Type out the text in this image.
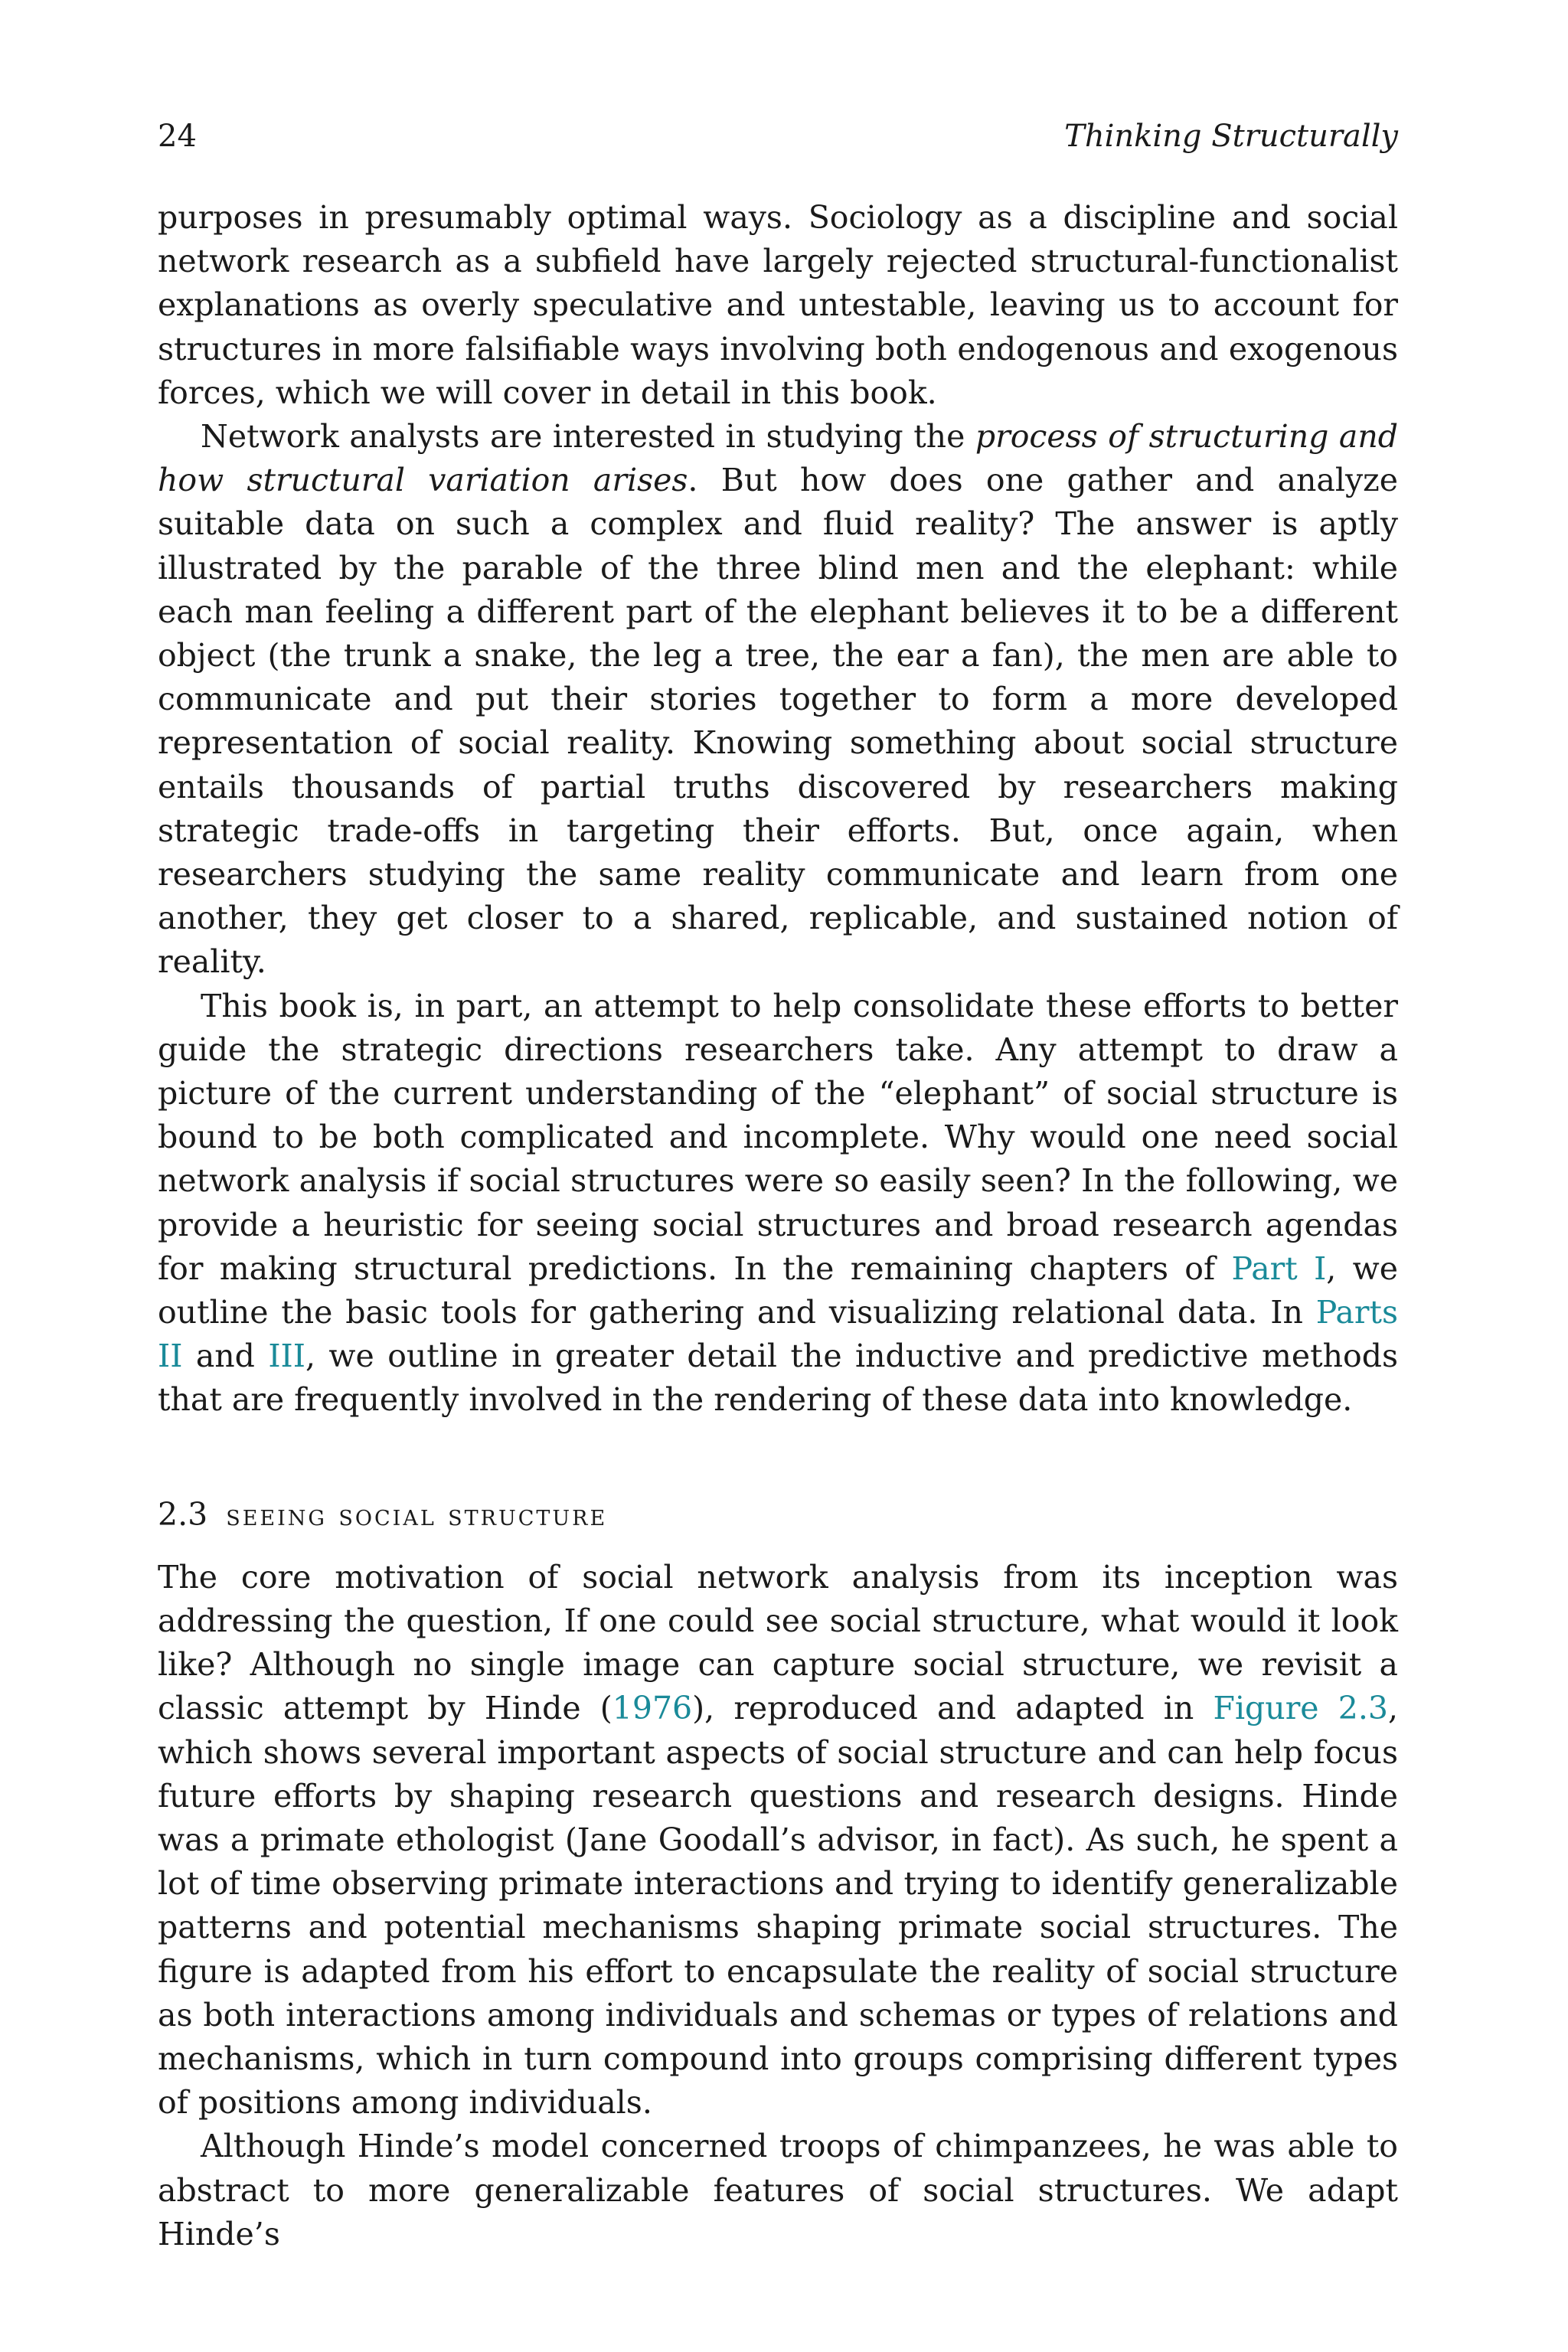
24	Thinking Structurally

purposes in presumably optimal ways. Sociology as a discipline and social network research as a subfield have largely rejected structural-functionalist explanations as overly speculative and untestable, leaving us to account for structures in more falsifiable ways involving both endogenous and exogenous forces, which we will cover in detail in this book.

Network analysts are interested in studying the process of structuring and how structural variation arises. But how does one gather and analyze suitable data on such a complex and fluid reality? The answer is aptly illustrated by the parable of the three blind men and the elephant: while each man feeling a different part of the elephant believes it to be a different object (the trunk a snake, the leg a tree, the ear a fan), the men are able to communicate and put their stories together to form a more developed representation of social reality. Knowing something about social structure entails thousands of partial truths discovered by researchers making strategic trade-offs in targeting their efforts. But, once again, when researchers studying the same reality communicate and learn from one another, they get closer to a shared, replicable, and sustained notion of reality.

This book is, in part, an attempt to help consolidate these efforts to better guide the strategic directions researchers take. Any attempt to draw a picture of the current understanding of the “elephant” of social structure is bound to be both complicated and incomplete. Why would one need social network analysis if social structures were so easily seen? In the following, we provide a heuristic for seeing social structures and broad research agendas for making structural predictions. In the remaining chapters of Part I, we outline the basic tools for gathering and visualizing relational data. In Parts II and III, we outline in greater detail the inductive and predictive methods that are frequently involved in the rendering of these data into knowledge.

2.3 seeing social structure

The core motivation of social network analysis from its inception was addressing the question, If one could see social structure, what would it look like? Although no single image can capture social structure, we revisit a classic attempt by Hinde (1976), reproduced and adapted in Figure 2.3, which shows several important aspects of social structure and can help focus future efforts by shaping research questions and research designs. Hinde was a primate ethologist (Jane Goodall’s advisor, in fact). As such, he spent a lot of time observing primate interactions and trying to identify generalizable patterns and potential mechanisms shaping primate social structures. The figure is adapted from his effort to encapsulate the reality of social structure as both interactions among individuals and schemas or types of relations and mechanisms, which in turn compound into groups comprising different types of positions among individuals.

Although Hinde’s model concerned troops of chimpanzees, he was able to abstract to more generalizable features of social structures. We adapt Hinde’s
